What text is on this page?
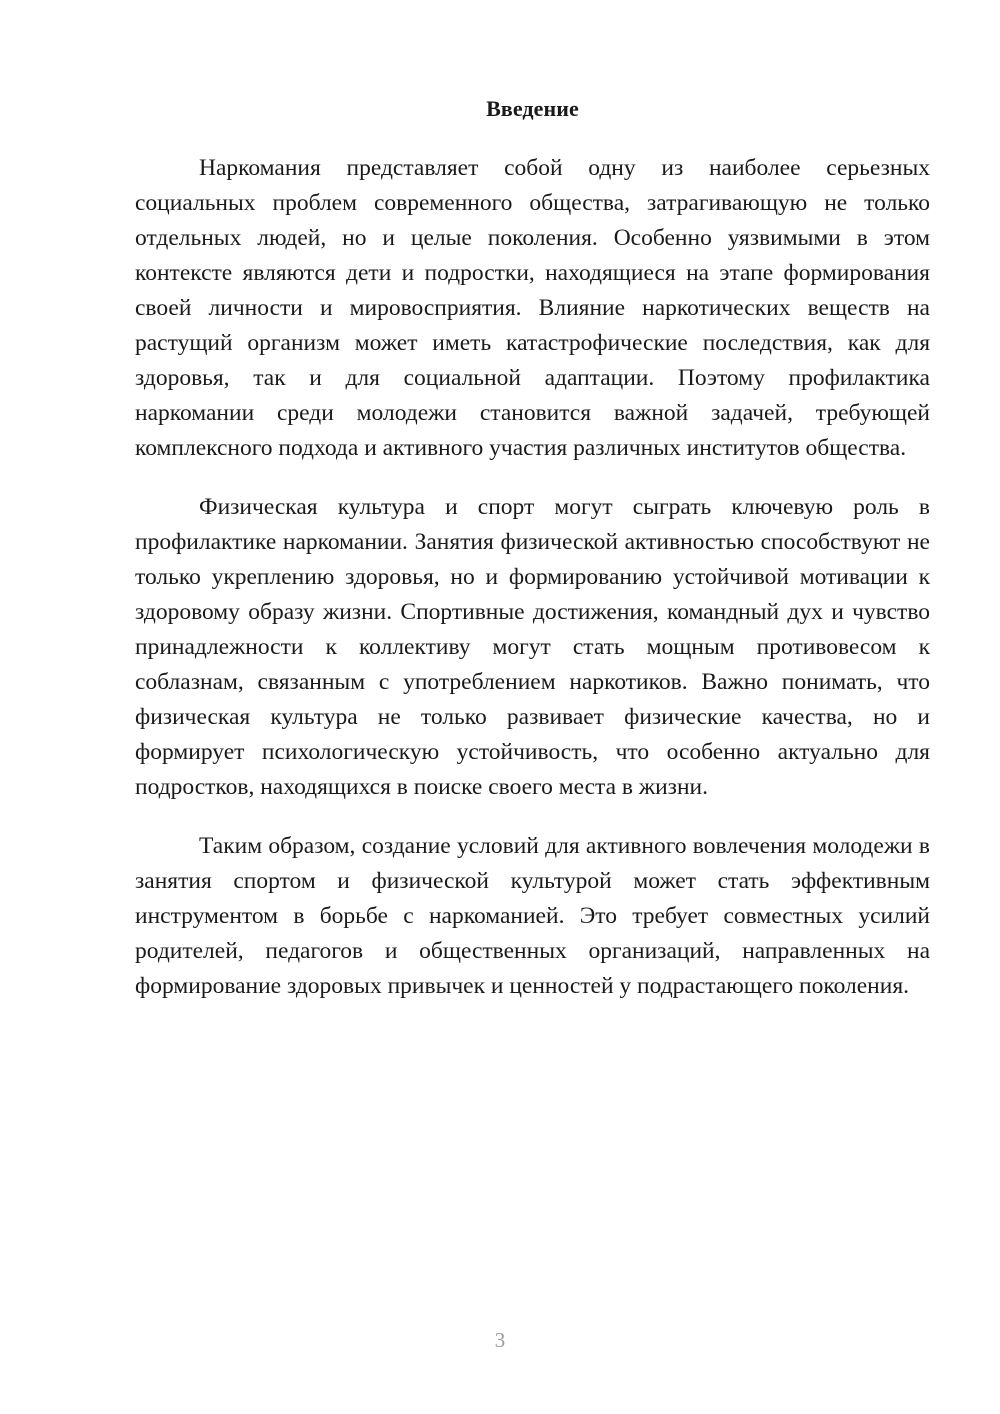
Введение

Наркомания представляет собой одну из наиболее серьезных социальных проблем современного общества, затрагивающую не только отдельных людей, но и целые поколения. Особенно уязвимыми в этом контексте являются дети и подростки, находящиеся на этапе формирования своей личности и мировосприятия. Влияние наркотических веществ на растущий организм может иметь катастрофические последствия, как для здоровья, так и для социальной адаптации. Поэтому профилактика наркомании среди молодежи становится важной задачей, требующей комплексного подхода и активного участия различных институтов общества.

Физическая культура и спорт могут сыграть ключевую роль в профилактике наркомании. Занятия физической активностью способствуют не только укреплению здоровья, но и формированию устойчивой мотивации к здоровому образу жизни. Спортивные достижения, командный дух и чувство принадлежности к коллективу могут стать мощным противовесом к соблазнам, связанным с употреблением наркотиков. Важно понимать, что физическая культура не только развивает физические качества, но и формирует психологическую устойчивость, что особенно актуально для подростков, находящихся в поиске своего места в жизни.

Таким образом, создание условий для активного вовлечения молодежи в занятия спортом и физической культурой может стать эффективным инструментом в борьбе с наркоманией. Это требует совместных усилий родителей, педагогов и общественных организаций, направленных на формирование здоровых привычек и ценностей у подрастающего поколения.

3
